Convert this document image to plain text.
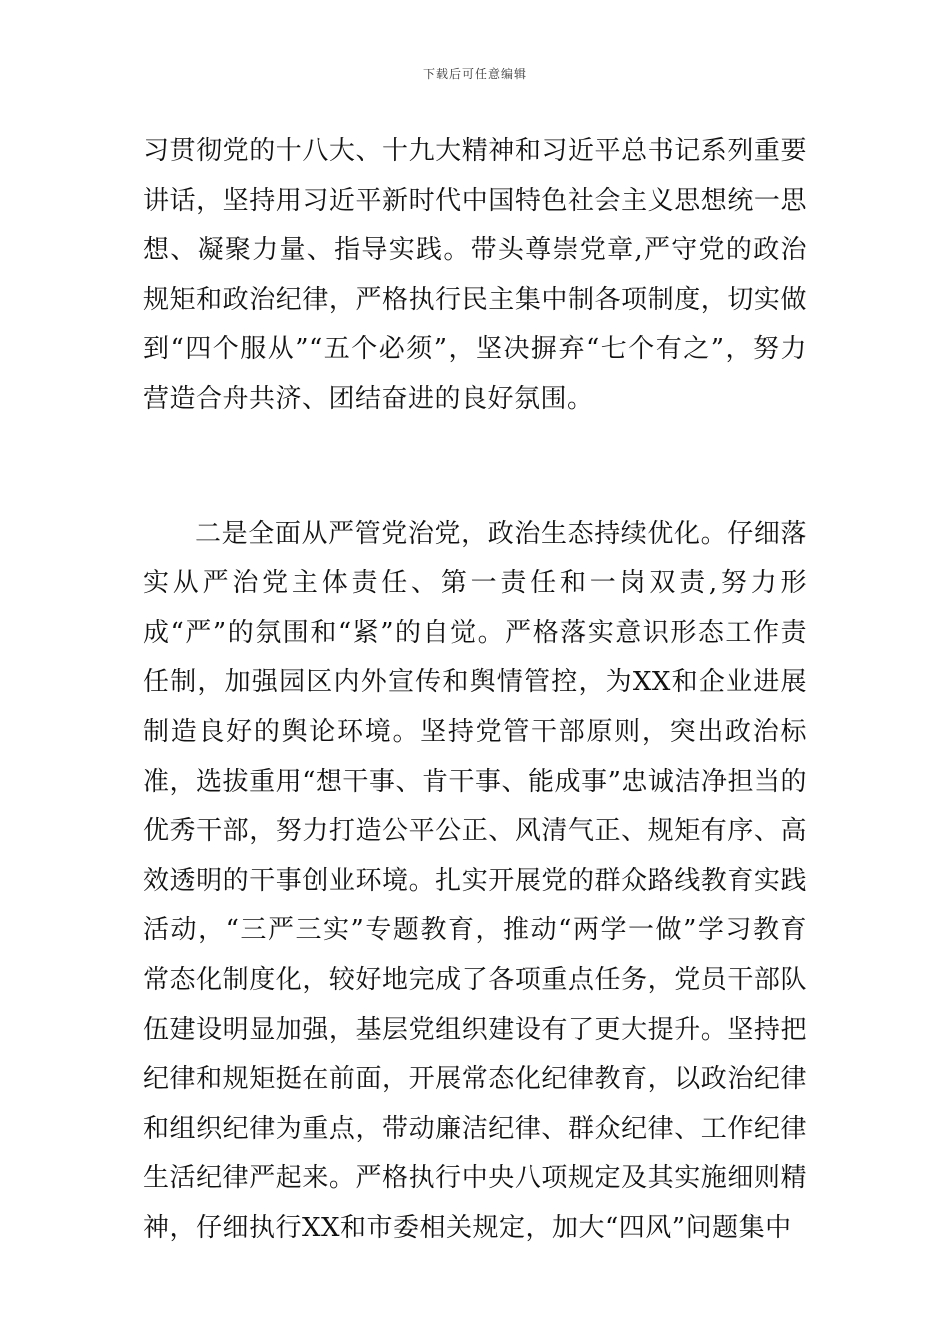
下载后可任意编辑

习贯彻党的十八大、十九大精神和习近平总书记系列重要讲话，坚持用习近平新时代中国特色社会主义思想统一思想、凝聚力量、指导实践。带头尊崇党章,严守党的政治规矩和政治纪律，严格执行民主集中制各项制度，切实做到“四个服从”“五个必须”，坚决摒弃“七个有之”，努力营造合舟共济、团结奋进的良好氛围。

二是全面从严管党治党，政治生态持续优化。仔细落实从严治党主体责任、第一责任和一岗双责,努力形成“严”的氛围和“紧”的自觉。严格落实意识形态工作责任制，加强园区内外宣传和舆情管控，为XX和企业进展制造良好的舆论环境。坚持党管干部原则，突出政治标准，选拔重用“想干事、肯干事、能成事”忠诚洁净担当的优秀干部，努力打造公平公正、风清气正、规矩有序、高效透明的干事创业环境。扎实开展党的群众路线教育实践活动，“三严三实”专题教育，推动“两学一做”学习教育常态化制度化，较好地完成了各项重点任务，党员干部队伍建设明显加强，基层党组织建设有了更大提升。坚持把纪律和规矩挺在前面，开展常态化纪律教育，以政治纪律和组织纪律为重点，带动廉洁纪律、群众纪律、工作纪律生活纪律严起来。严格执行中央八项规定及其实施细则精神，仔细执行XX和市委相关规定，加大“四风”问题集中
